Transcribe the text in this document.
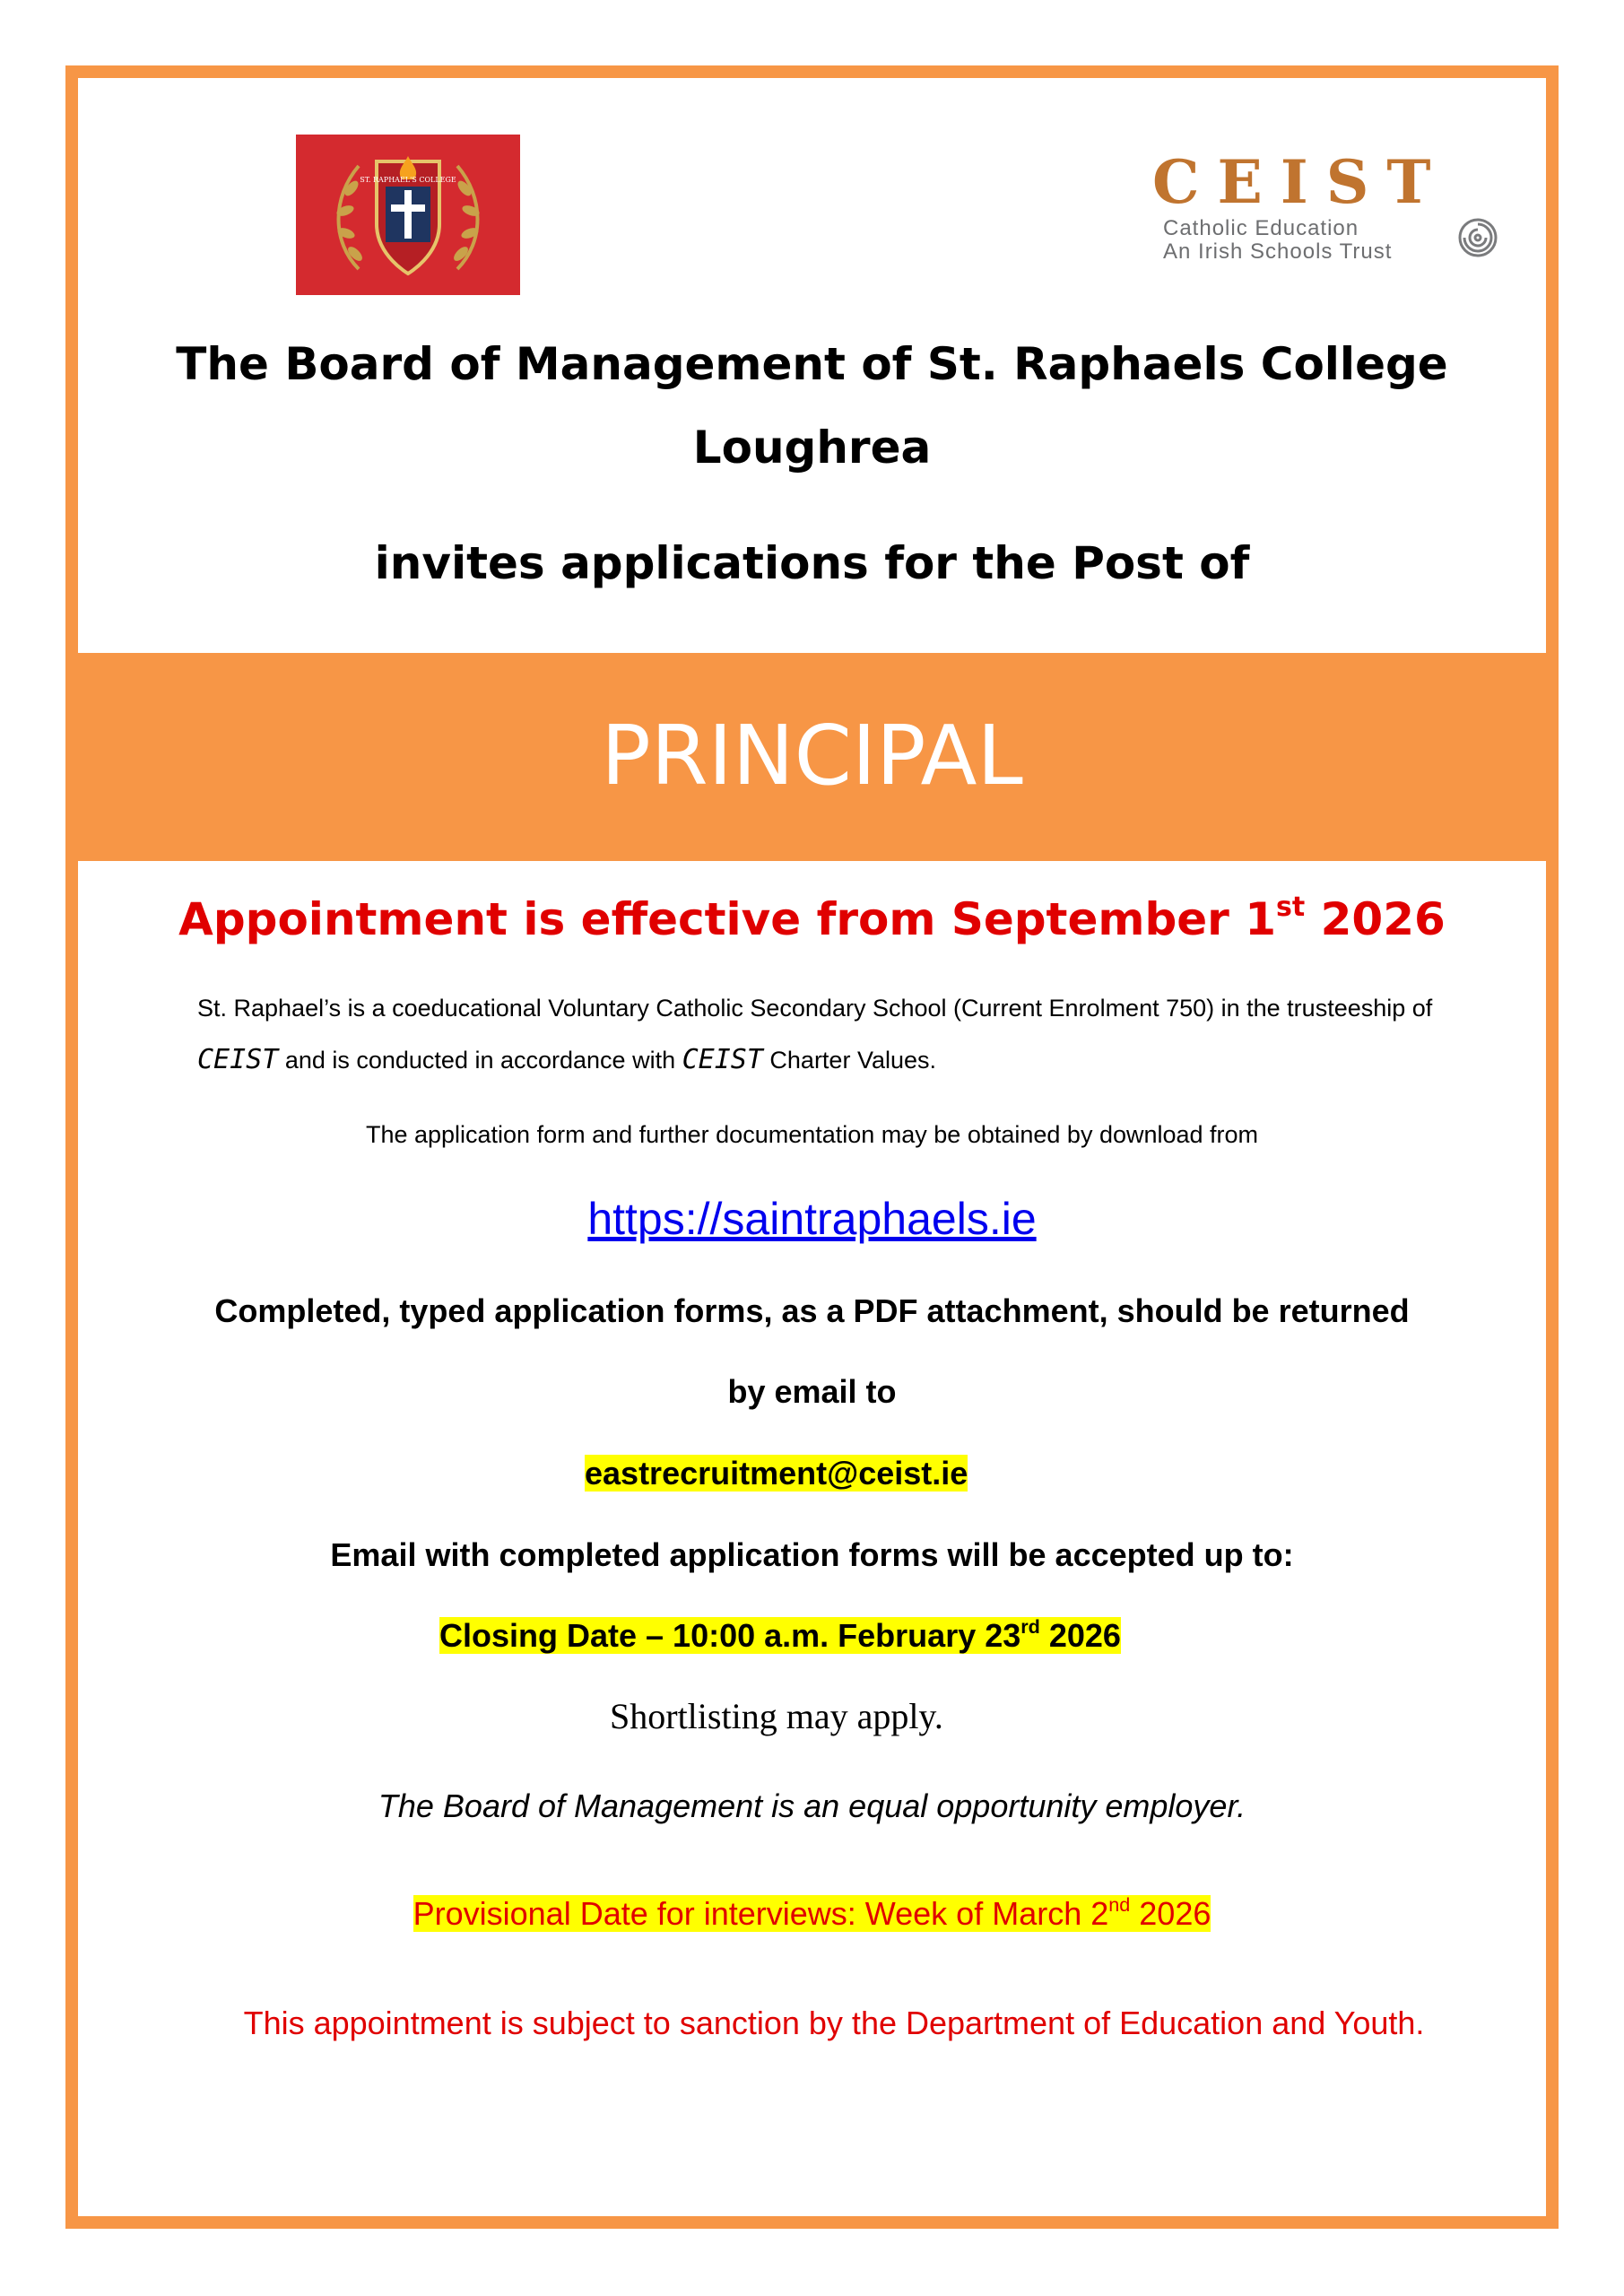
ST. RAPHAEL'S COLLEGE	CEIST
Catholic Education
An Irish Schools Trust
The Board of Management of St. Raphaels College
Loughrea
invites applications for the Post of
PRINCIPAL
Appointment is effective from September 1st 2026
St. Raphael’s is a coeducational Voluntary Catholic Secondary School (Current Enrolment 750) in the trusteeship of CEIST and is conducted in accordance with CEIST Charter Values.
The application form and further documentation may be obtained by download from
https://saintraphaels.ie
Completed, typed application forms, as a PDF attachment, should be returned
by email to
eastrecruitment@ceist.ie
Email with completed application forms will be accepted up to:
Closing Date – 10:00 a.m. February 23rd 2026
Shortlisting may apply.
The Board of Management is an equal opportunity employer.
Provisional Date for interviews: Week of March 2nd 2026
This appointment is subject to sanction by the Department of Education and Youth.
